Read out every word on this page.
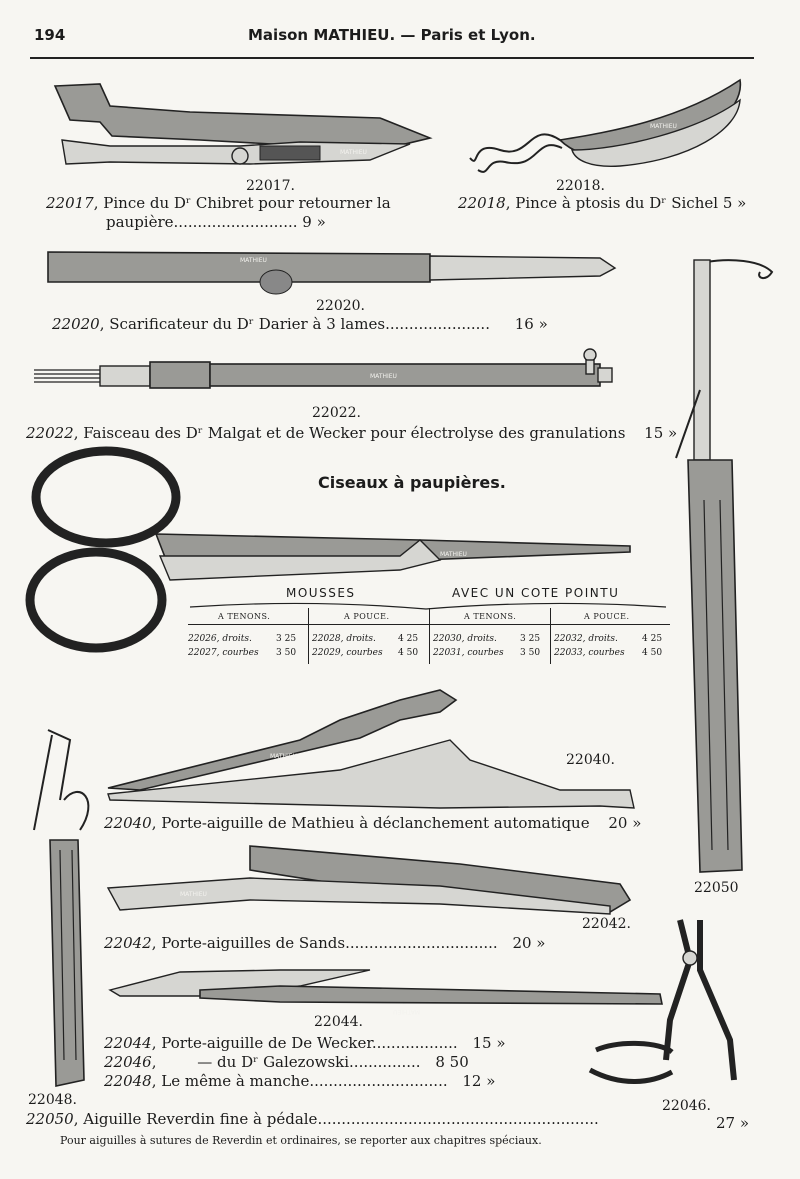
194	Maison MATHIEU. — Paris et Lyon.
MATHIEU
MATHIEU
MATHIEU
MATHIEU
MATHIEU
MATHIEU
MATHIEU
MATHIEU
22017.
22017, Pince du Dʳ Chibret pour retourner la
paupière.......................... 9 »
22018.
22018, Pince à ptosis du Dʳ Sichel 5 »
22020.
22020, Scarificateur du Dʳ Darier à 3 lames...................... 16 »
22022.
22022, Faisceau des Dʳ Malgat et de Wecker pour électrolyse des granulations 15 »
Ciseaux à paupières.
MOUSSES	AVEC UN COTE POINTU
A TENONS.	A POUCE.	A TENONS.	A POUCE.
22026, droits.	3 25 22028, droits. 4 25 22030, droits.	3 25 22032, droits.	4 25
22027, courbes 3 50 22029, courbes 4 50 22031, courbes 3 50 22033, courbes 4 50
22040.
22040, Porte-aiguille de Mathieu à déclanchement automatique 20 »
22050
22042.
22042, Porte-aiguilles de Sands................................ 20 »
22044.
22044, Porte-aiguille de De Wecker.................. 15 »
22046, — du Dʳ Galezowski............... 8 50
22048, Le même à manche............................. 12 »
22048.	22046.
22050, Aiguille Reverdin fine à pédale...........................................................	27 »
Pour aiguilles à sutures de Reverdin et ordinaires, se reporter aux chapitres spéciaux.
